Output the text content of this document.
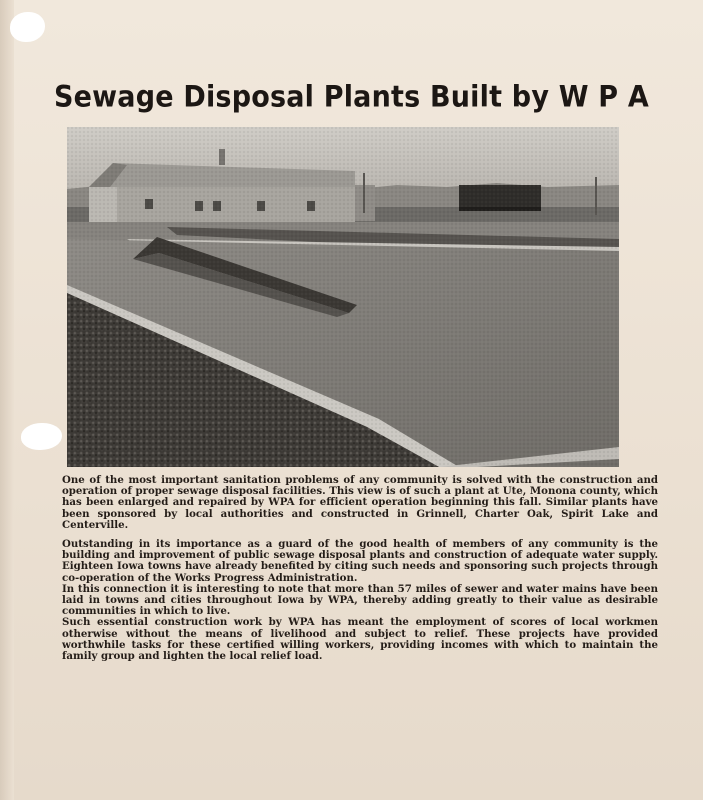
Sewage Disposal Plants Built by W P A

One of the most important sanitation problems of any community is solved with the construction and operation of proper sewage disposal facilities. This view is of such a plant at Ute, Monona county, which has been enlarged and repaired by WPA for efficient operation beginning this fall. Similar plants have been sponsored by local authorities and constructed in Grinnell, Charter Oak, Spirit Lake and Centerville.

Outstanding in its importance as a guard of the good health of members of any community is the building and improvement of public sewage disposal plants and construction of adequate water supply. Eighteen Iowa towns have already benefited by citing such needs and sponsoring such projects through co-operation of the Works Progress Administration.

In this connection it is interesting to note that more than 57 miles of sewer and water mains have been laid in towns and cities throughout Iowa by WPA, thereby adding greatly to their value as desirable communities in which to live.

Such essential construction work by WPA has meant the employment of scores of local workmen otherwise without the means of livelihood and subject to relief. These projects have provided worthwhile tasks for these certified willing workers, providing incomes with which to maintain the family group and lighten the local relief load.
